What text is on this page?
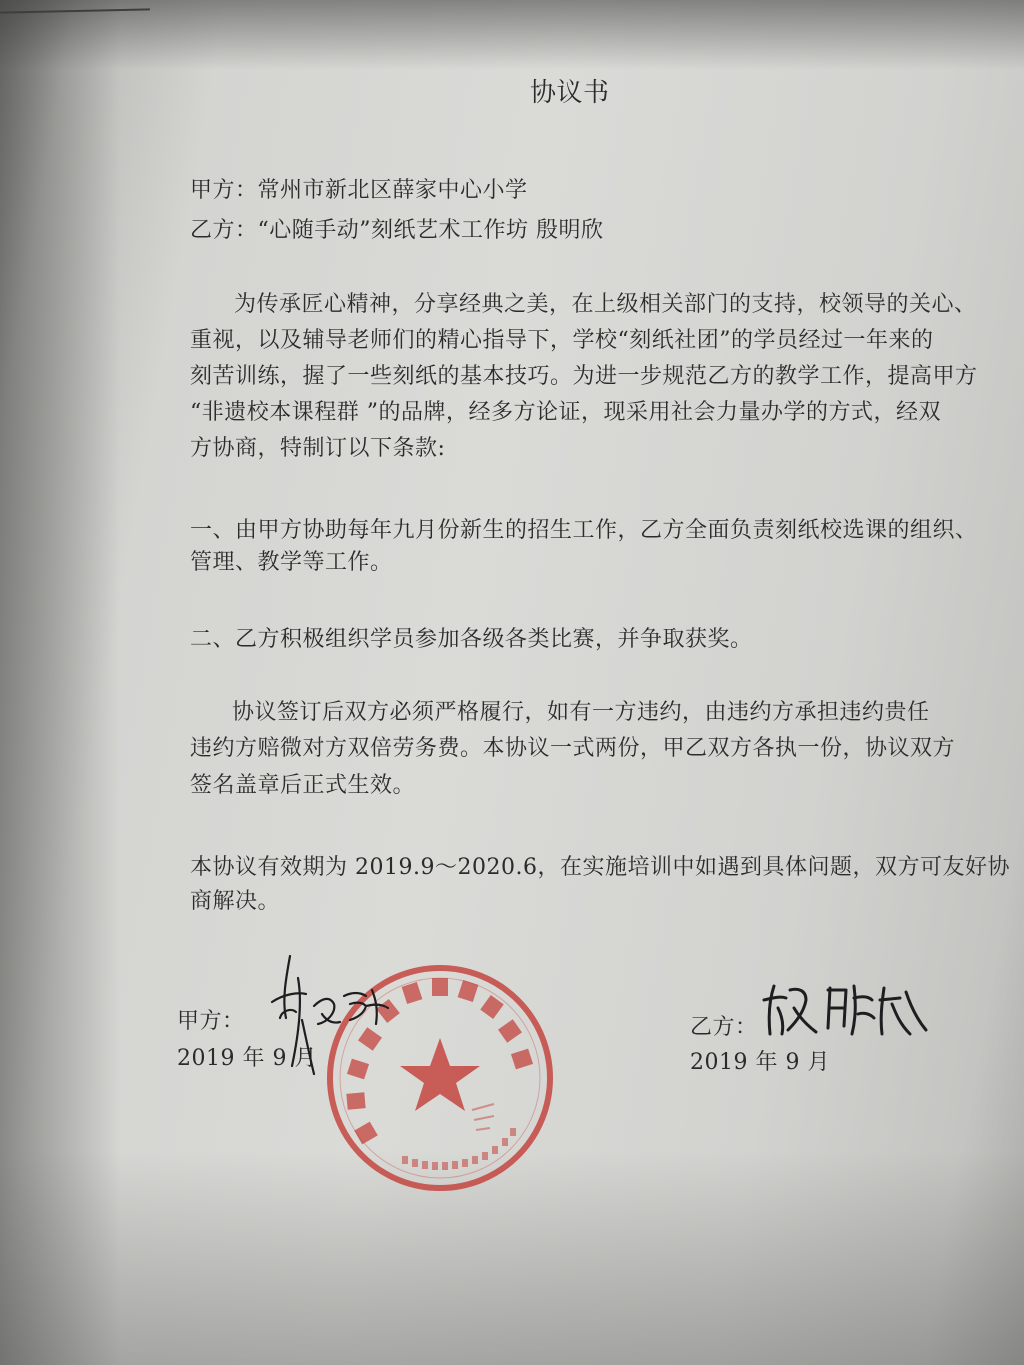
协议书
甲方：常州市新北区薛家中心小学
乙方：“心随手动”刻纸艺术工作坊 殷明欣
为传承匠心精神，分享经典之美，在上级相关部门的支持，校领导的关心、
重视，以及辅导老师们的精心指导下，学校“刻纸社团”的学员经过一年来的
刻苦训练，握了一些刻纸的基本技巧。为进一步规范乙方的教学工作，提高甲方
“非遗校本课程群 ”的品牌，经多方论证，现采用社会力量办学的方式，经双
方协商，特制订以下条款:
一、由甲方协助每年九月份新生的招生工作，乙方全面负责刻纸校选课的组织、
管理、教学等工作。
二、乙方积极组织学员参加各级各类比赛，并争取获奖。
协议签订后双方必须严格履行，如有一方违约，由违约方承担违约贵任
违约方赔微对方双倍劳务费。本协议一式两份，甲乙双方各执一份，协议双方
签名盖章后正式生效。
本协议有效期为 2019.9～2020.6，在实施培训中如遇到具体问题，双方可友好协
商解决。
甲方：
2019 年 9 月
乙方：
2019 年 9 月
